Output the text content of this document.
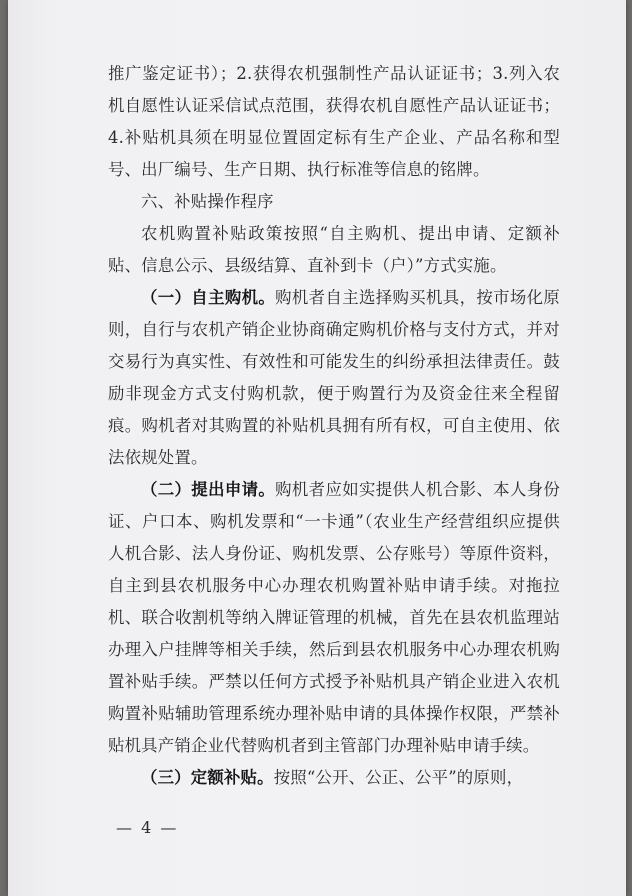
推广鉴定证书）；2.获得农机强制性产品认证证书；3.列入农机自愿性认证采信试点范围，获得农机自愿性产品认证证书；4.补贴机具须在明显位置固定标有生产企业、产品名称和型号、出厂编号、生产日期、执行标准等信息的铭牌。

六、补贴操作程序

农机购置补贴政策按照“自主购机、提出申请、定额补贴、信息公示、县级结算、直补到卡（户）”方式实施。

（一）自主购机。购机者自主选择购买机具，按市场化原则，自行与农机产销企业协商确定购机价格与支付方式，并对交易行为真实性、有效性和可能发生的纠纷承担法律责任。鼓励非现金方式支付购机款，便于购置行为及资金往来全程留痕。购机者对其购置的补贴机具拥有所有权，可自主使用、依法依规处置。

（二）提出申请。购机者应如实提供人机合影、本人身份证、户口本、购机发票和“一卡通”（农业生产经营组织应提供人机合影、法人身份证、购机发票、公存账号）等原件资料，自主到县农机服务中心办理农机购置补贴申请手续。对拖拉机、联合收割机等纳入牌证管理的机械，首先在县农机监理站办理入户挂牌等相关手续，然后到县农机服务中心办理农机购置补贴手续。严禁以任何方式授予补贴机具产销企业进入农机购置补贴辅助管理系统办理补贴申请的具体操作权限，严禁补贴机具产销企业代替购机者到主管部门办理补贴申请手续。

（三）定额补贴。按照“公开、公正、公平”的原则，

— 4 —
